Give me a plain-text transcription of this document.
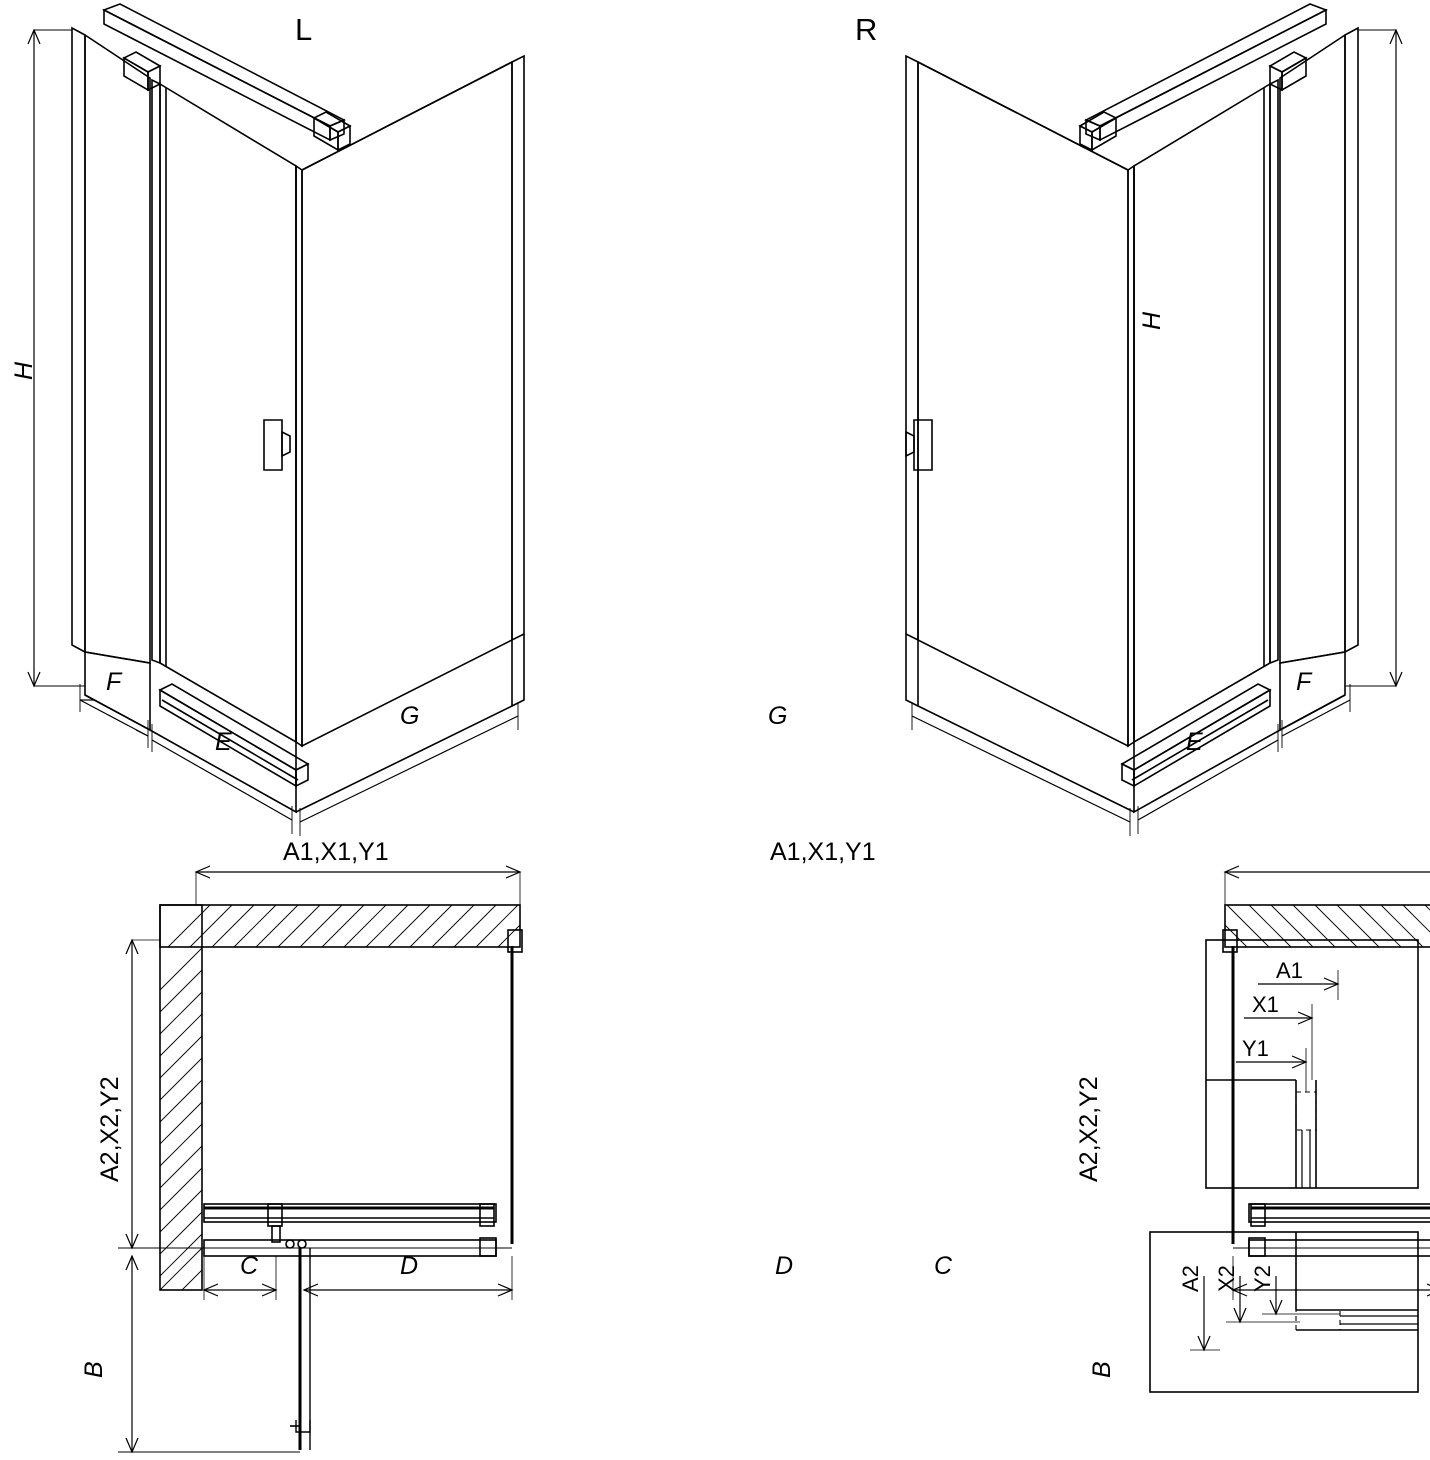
L	R
H
H
F
E
G
F
E
G
A1,X1,Y1	A1,X1,Y1
A2,X2,Y2	A2,X2,Y2
C	D	D	C
B	B
A1
X1
Y1
A2 X2 Y2
